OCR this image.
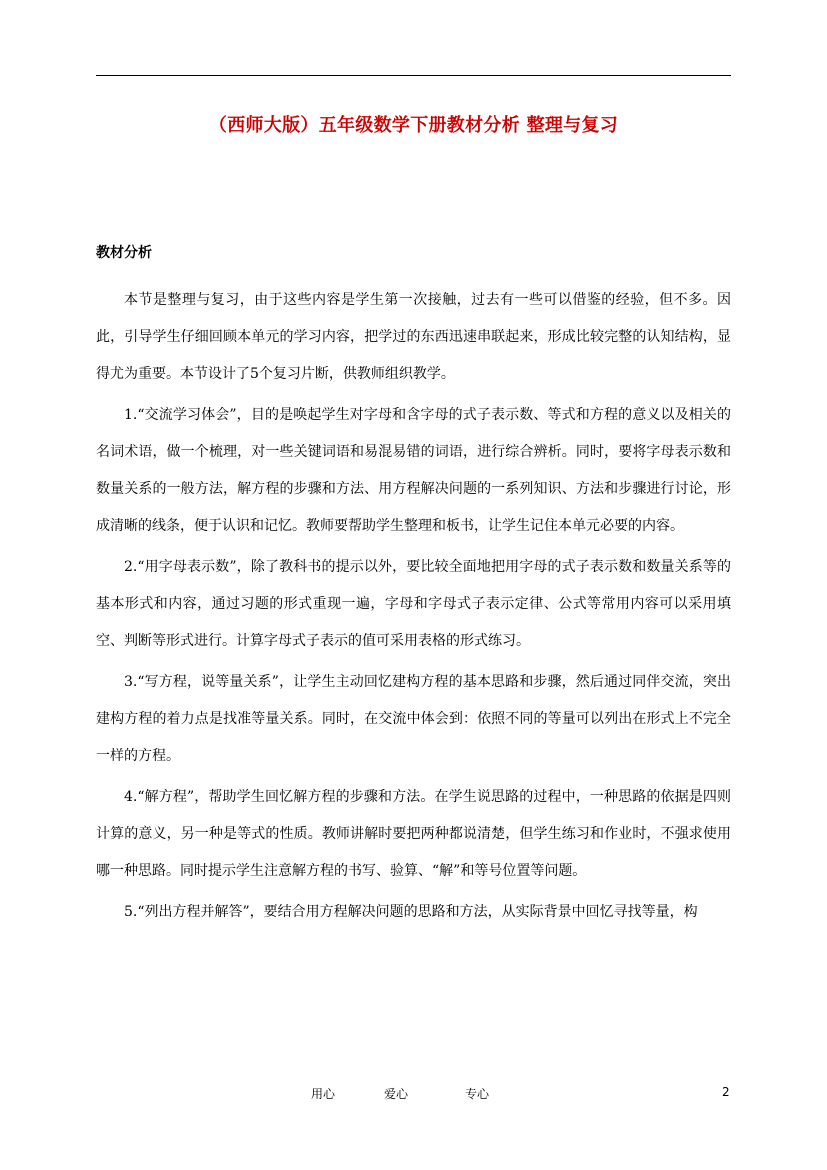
（西师大版）五年级数学下册教材分析 整理与复习
教材分析

本节是整理与复习，由于这些内容是学生第一次接触，过去有一些可以借鉴的经验，但不多。因此，引导学生仔细回顾本单元的学习内容，把学过的东西迅速串联起来，形成比较完整的认知结构，显得尤为重要。本节设计了5个复习片断，供教师组织教学。

1.“交流学习体会”，目的是唤起学生对字母和含字母的式子表示数、等式和方程的意义以及相关的名词术语，做一个梳理，对一些关键词语和易混易错的词语，进行综合辨析。同时，要将字母表示数和数量关系的一般方法，解方程的步骤和方法、用方程解决问题的一系列知识、方法和步骤进行讨论，形成清晰的线条，便于认识和记忆。教师要帮助学生整理和板书，让学生记住本单元必要的内容。

2.“用字母表示数”，除了教科书的提示以外，要比较全面地把用字母的式子表示数和数量关系等的基本形式和内容，通过习题的形式重现一遍，字母和字母式子表示定律、公式等常用内容可以采用填空、判断等形式进行。计算字母式子表示的值可采用表格的形式练习。

3.“写方程，说等量关系”，让学生主动回忆建构方程的基本思路和步骤，然后通过同伴交流，突出建构方程的着力点是找准等量关系。同时，在交流中体会到：依照不同的等量可以列出在形式上不完全一样的方程。

4.“解方程”，帮助学生回忆解方程的步骤和方法。在学生说思路的过程中，一种思路的依据是四则计算的意义，另一种是等式的性质。教师讲解时要把两种都说清楚，但学生练习和作业时，不强求使用哪一种思路。同时提示学生注意解方程的书写、验算、“解”和等号位置等问题。

5.“列出方程并解答”，要结合用方程解决问题的思路和方法，从实际背景中回忆寻找等量，构

用心	爱心	专心	2
